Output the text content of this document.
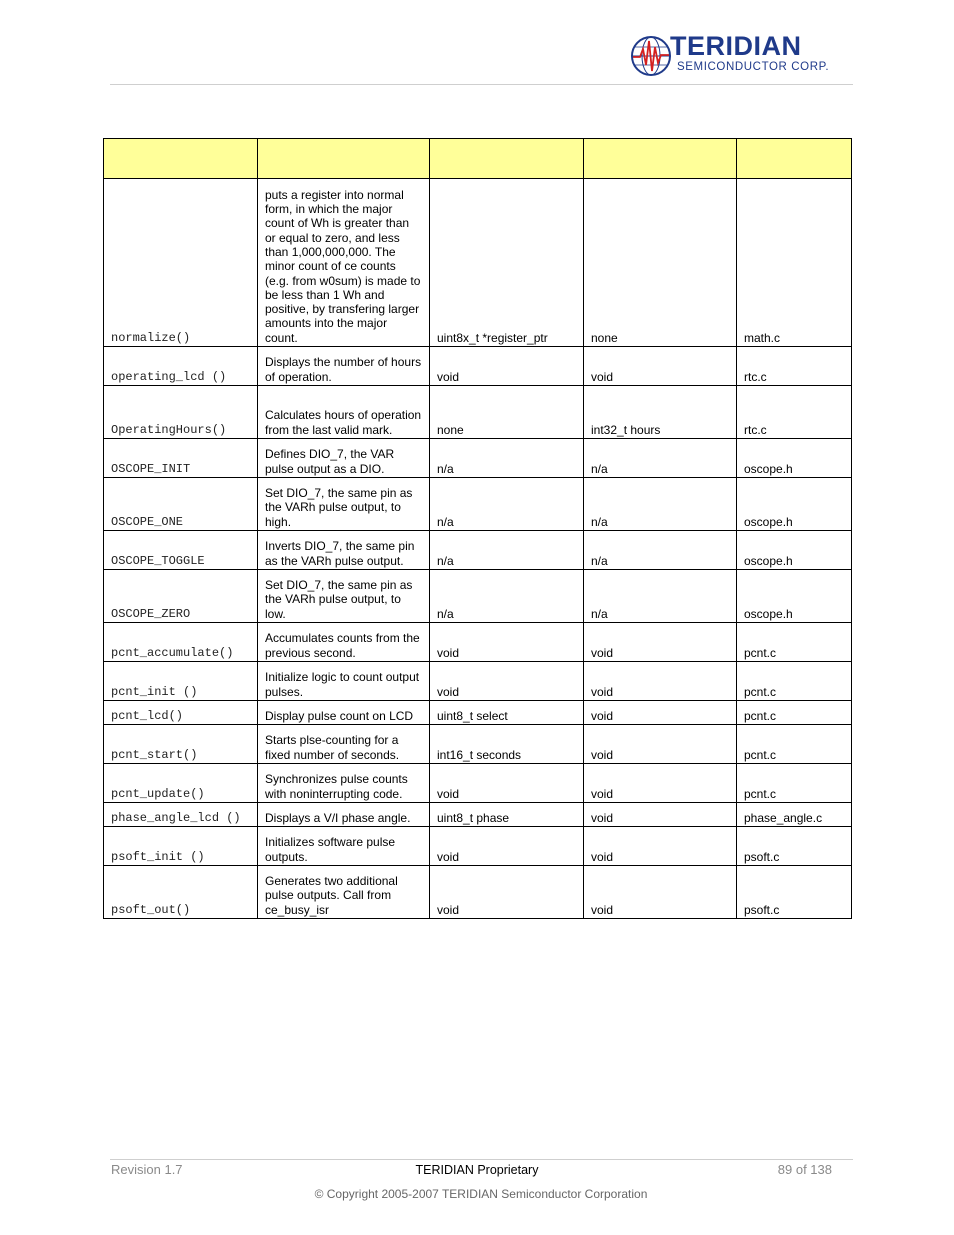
TERIDIAN
SEMICONDUCTOR CORP.

normalize()	puts a register into normal form, in which the major count of Wh is greater than or equal to zero, and less than 1,000,000,000. The minor count of ce counts (e.g. from w0sum) is made to be less than 1 Wh and positive, by transfering larger amounts into the major count.	uint8x_t *register_ptr	none	math.c
operating_lcd ()	Displays the number of hours of operation.	void	void	rtc.c
OperatingHours()	Calculates hours of operation from the last valid mark.	none	int32_t hours	rtc.c
OSCOPE_INIT	Defines DIO_7, the VAR pulse output as a DIO.	n/a	n/a	oscope.h
OSCOPE_ONE	Set DIO_7, the same pin as the VARh pulse output, to high.	n/a	n/a	oscope.h
OSCOPE_TOGGLE	Inverts DIO_7, the same pin as the VARh pulse output.	n/a	n/a	oscope.h
OSCOPE_ZERO	Set DIO_7, the same pin as the VARh pulse output, to low.	n/a	n/a	oscope.h
pcnt_accumulate()	Accumulates counts from the previous second.	void	void	pcnt.c
pcnt_init ()	Initialize logic to count output pulses.	void	void	pcnt.c
pcnt_lcd()	Display pulse count on LCD	uint8_t select	void	pcnt.c
pcnt_start()	Starts plse-counting for a fixed number of seconds.	int16_t seconds	void	pcnt.c
pcnt_update()	Synchronizes pulse counts with noninterrupting code.	void	void	pcnt.c
phase_angle_lcd ()	Displays a V/I phase angle.	uint8_t phase	void	phase_angle.c
psoft_init ()	Initializes software pulse outputs.	void	void	psoft.c
psoft_out()	Generates two additional pulse outputs. Call from ce_busy_isr	void	void	psoft.c
Revision 1.7	TERIDIAN Proprietary	89 of 138
© Copyright 2005-2007 TERIDIAN Semiconductor Corporation
